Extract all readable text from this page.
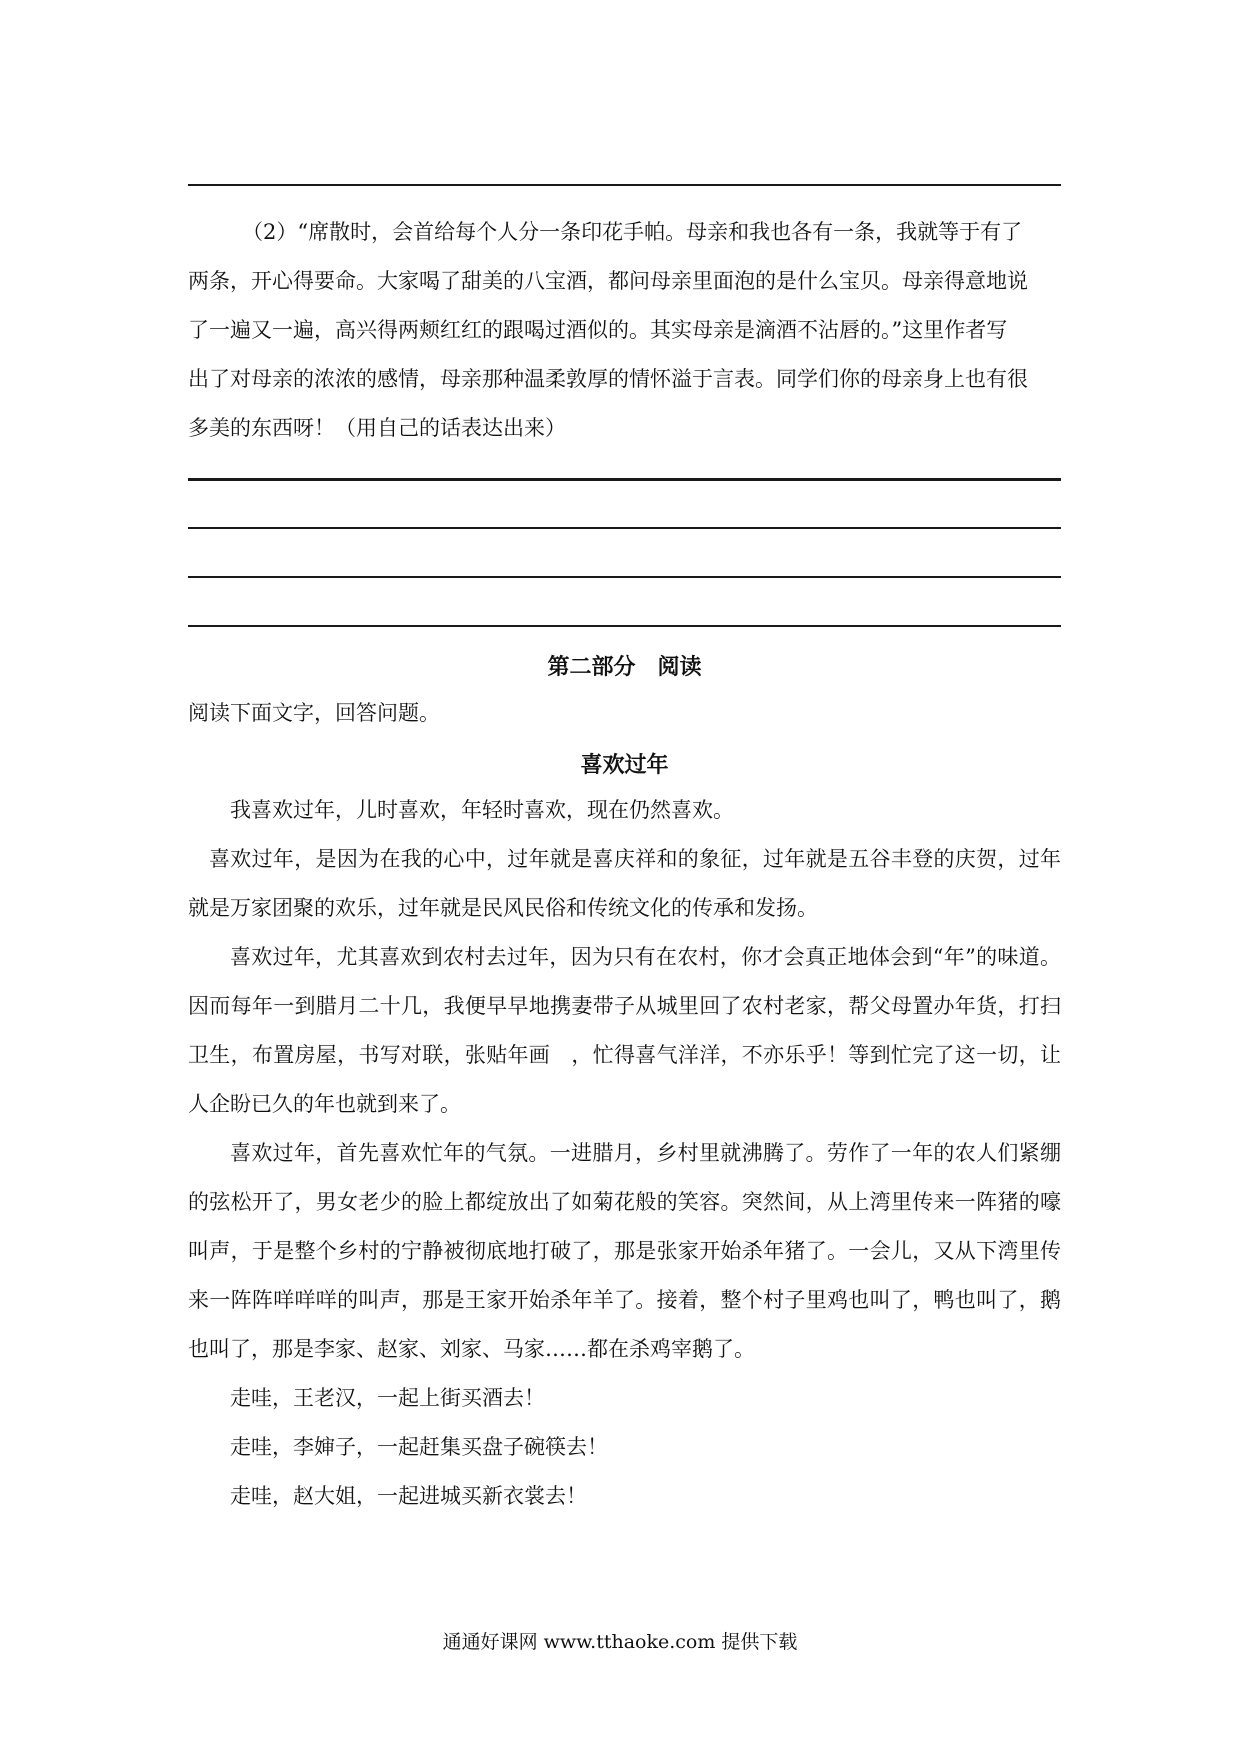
（2）“席散时，会首给每个人分一条印花手帕。母亲和我也各有一条，我就等于有了
两条，开心得要命。大家喝了甜美的八宝酒，都问母亲里面泡的是什么宝贝。母亲得意地说
了一遍又一遍，高兴得两颊红红的跟喝过酒似的。其实母亲是滴酒不沾唇的。”这里作者写
出了对母亲的浓浓的感情，母亲那种温柔敦厚的情怀溢于言表。同学们你的母亲身上也有很
多美的东西呀！（用自己的话表达出来）
第二部分　阅读
阅读下面文字，回答问题。
喜欢过年

我喜欢过年，儿时喜欢，年轻时喜欢，现在仍然喜欢。

喜欢过年，是因为在我的心中，过年就是喜庆祥和的象征，过年就是五谷丰登的庆贺，过年就是万家团聚的欢乐，过年就是民风民俗和传统文化的传承和发扬。

喜欢过年，尤其喜欢到农村去过年，因为只有在农村，你才会真正地体会到“年”的味道。因而每年一到腊月二十几，我便早早地携妻带子从城里回了农村老家，帮父母置办年货，打扫卫生，布置房屋，书写对联，张贴年画　，忙得喜气洋洋，不亦乐乎！等到忙完了这一切，让人企盼已久的年也就到来了。

喜欢过年，首先喜欢忙年的气氛。一进腊月，乡村里就沸腾了。劳作了一年的农人们紧绷的弦松开了，男女老少的脸上都绽放出了如菊花般的笑容。突然间，从上湾里传来一阵猪的嚎叫声，于是整个乡村的宁静被彻底地打破了，那是张家开始杀年猪了。一会儿，又从下湾里传来一阵阵咩咩咩的叫声，那是王家开始杀年羊了。接着，整个村子里鸡也叫了，鸭也叫了，鹅也叫了，那是李家、赵家、刘家、马家……都在杀鸡宰鹅了。

走哇，王老汉，一起上街买酒去！

走哇，李婶子，一起赶集买盘子碗筷去！

走哇，赵大姐，一起进城买新衣裳去！

通通好课网 www.tthaoke.com 提供下载
